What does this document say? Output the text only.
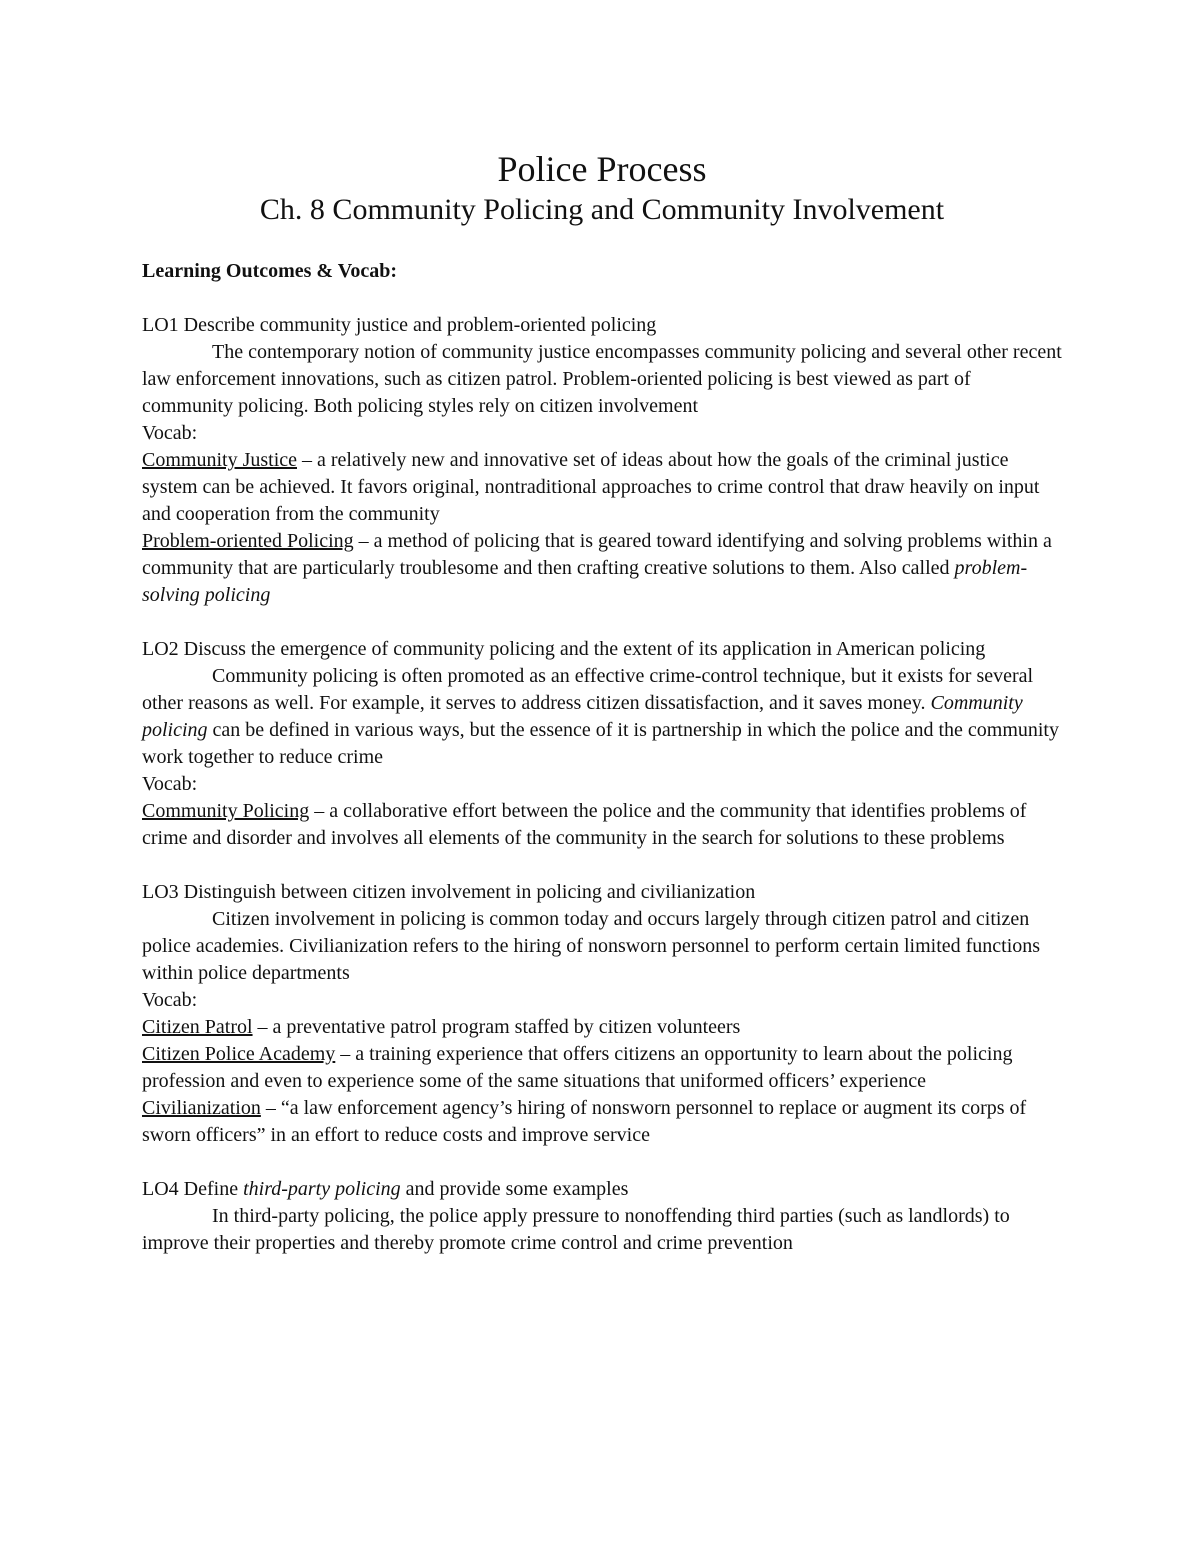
Police Process
Ch. 8 Community Policing and Community Involvement

Learning Outcomes & Vocab:

LO1 Describe community justice and problem-oriented policing

The contemporary notion of community justice encompasses community policing and several other recent law enforcement innovations, such as citizen patrol. Problem-oriented policing is best viewed as part of community policing. Both policing styles rely on citizen involvement

Vocab:

Community Justice – a relatively new and innovative set of ideas about how the goals of the criminal justice system can be achieved. It favors original, nontraditional approaches to crime control that draw heavily on input and cooperation from the community

Problem-oriented Policing – a method of policing that is geared toward identifying and solving problems within a community that are particularly troublesome and then crafting creative solutions to them. Also called problem-solving policing

LO2 Discuss the emergence of community policing and the extent of its application in American policing

Community policing is often promoted as an effective crime-control technique, but it exists for several other reasons as well. For example, it serves to address citizen dissatisfaction, and it saves money. Community policing can be defined in various ways, but the essence of it is partnership in which the police and the community work together to reduce crime

Vocab:

Community Policing – a collaborative effort between the police and the community that identifies problems of crime and disorder and involves all elements of the community in the search for solutions to these problems

LO3 Distinguish between citizen involvement in policing and civilianization

Citizen involvement in policing is common today and occurs largely through citizen patrol and citizen police academies. Civilianization refers to the hiring of nonsworn personnel to perform certain limited functions within police departments

Vocab:

Citizen Patrol – a preventative patrol program staffed by citizen volunteers

Citizen Police Academy – a training experience that offers citizens an opportunity to learn about the policing profession and even to experience some of the same situations that uniformed officers’ experience

Civilianization – “a law enforcement agency’s hiring of nonsworn personnel to replace or augment its corps of sworn officers” in an effort to reduce costs and improve service

LO4 Define third-party policing and provide some examples

In third-party policing, the police apply pressure to nonoffending third parties (such as landlords) to improve their properties and thereby promote crime control and crime prevention
